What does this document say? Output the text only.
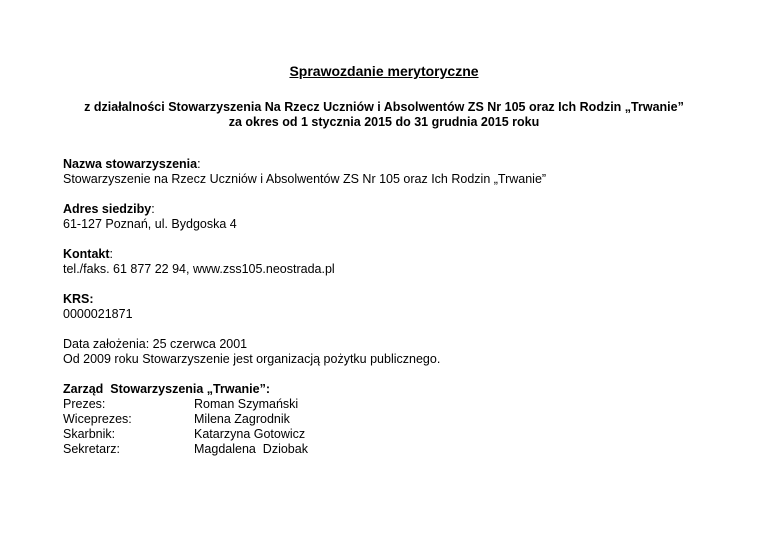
Sprawozdanie merytoryczne
z działalności Stowarzyszenia Na Rzecz Uczniów i Absolwentów ZS Nr 105 oraz Ich Rodzin „Trwanie”
za okres od 1 stycznia 2015 do 31 grudnia 2015 roku
Nazwa stowarzyszenia:
Stowarzyszenie na Rzecz Uczniów i Absolwentów ZS Nr 105 oraz Ich Rodzin „Trwanie”
Adres siedziby:
61-127 Poznań, ul. Bydgoska 4
Kontakt:
tel./faks. 61 877 22 94, www.zss105.neostrada.pl
KRS:
0000021871
Data założenia: 25 czerwca 2001
Od 2009 roku Stowarzyszenie jest organizacją pożytku publicznego.
Zarząd  Stowarzyszenia „Trwanie”:
Prezes:	Roman Szymański
Wiceprezes:	Milena Zagrodnik
Skarbnik:	Katarzyna Gotowicz
Sekretarz:	Magdalena  Dziobak
